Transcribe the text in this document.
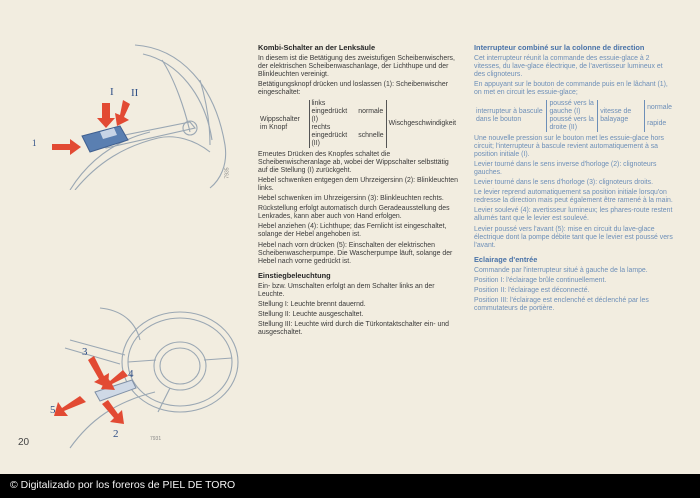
I II
1
7935
3
4
5
2	7931
Kombi-Schalter an der Lenksäule

In diesem ist die Betätigung des zweistufigen Scheibenwischers, der elektrischen Scheibenwaschanlage, der Lichthupe und der Blinkleuchten vereinigt.

Betätigungsknopf drücken und loslassen (1): Scheibenwischer eingeschaltet:

Wippschalter im Knopf	links eingedrückt (I)	normale	Wischgeschwindigkeit
	rechts eingedrückt (II)	schnelle	

Erneutes Drücken des Knopfes schaltet die Scheibenwischeranlage ab, wobei der Wippschalter selbsttätig auf die Stellung (I) zurückgeht.

Hebel schwenken entgegen dem Uhrzeigersinn (2): Blinkleuchten links.

Hebel schwenken im Uhrzeigersinn (3): Blinkleuchten rechts.

Rückstellung erfolgt automatisch durch Geradeausstellung des Lenkrades, kann aber auch von Hand erfolgen.

Hebel anziehen (4): Lichthupe; das Fernlicht ist eingeschaltet, solange der Hebel angehoben ist.

Hebel nach vorn drücken (5): Einschalten der elektrischen Scheibenwascherpumpe. Die Wascherpumpe läuft, solange der Hebel nach vorne gedrückt ist.

Einstiegbeleuchtung

Ein- bzw. Umschalten erfolgt an dem Schalter links an der Leuchte.

Stellung I: Leuchte brennt dauernd.

Stellung II: Leuchte ausgeschaltet.

Stellung III: Leuchte wird durch die Türkontaktschalter ein- und ausgeschaltet.

Interrupteur combiné sur la colonne de direction

Cet interrupteur réunit la commande des essuie-glace à 2 vitesses, du lave-glace électrique, de l'avertisseur lumineux et des clignoteurs.

En appuyant sur le bouton de commande puis en le lâchant (1), on met en circuit les essuie-glace;

interrupteur à bascule dans le bouton	poussé vers la gauche (I)	vitesse de balayage	normale
	poussé vers la droite (II)		rapide

Une nouvelle pression sur le bouton met les essuie-glace hors circuit; l'interrupteur à bascule revient automatiquement à sa position initiale (I).

Levier tourné dans le sens inverse d'horloge (2): clignoteurs gauches.

Levier tourné dans le sens d'horloge (3): clignoteurs droits.

Le levier reprend automatiquement sa position initiale lorsqu'on redresse la direction mais peut également être ramené à la main.

Levier soulevé (4): avertisseur lumineux; les phares-route restent allumés tant que le levier est soulevé.

Levier poussé vers l'avant (5): mise en circuit du lave-glace électrique dont la pompe débite tant que le levier est poussé vers l'avant.

Eclairage d'entrée

Commande par l'interrupteur situé à gauche de la lampe.

Position I: l'éclairage brûle continuellement.

Position II: l'éclairage est déconnecté.

Position III: l'éclairage est enclenché et déclenché par les commutateurs de portière.

20
© Digitalizado por los foreros de PIEL DE TORO
